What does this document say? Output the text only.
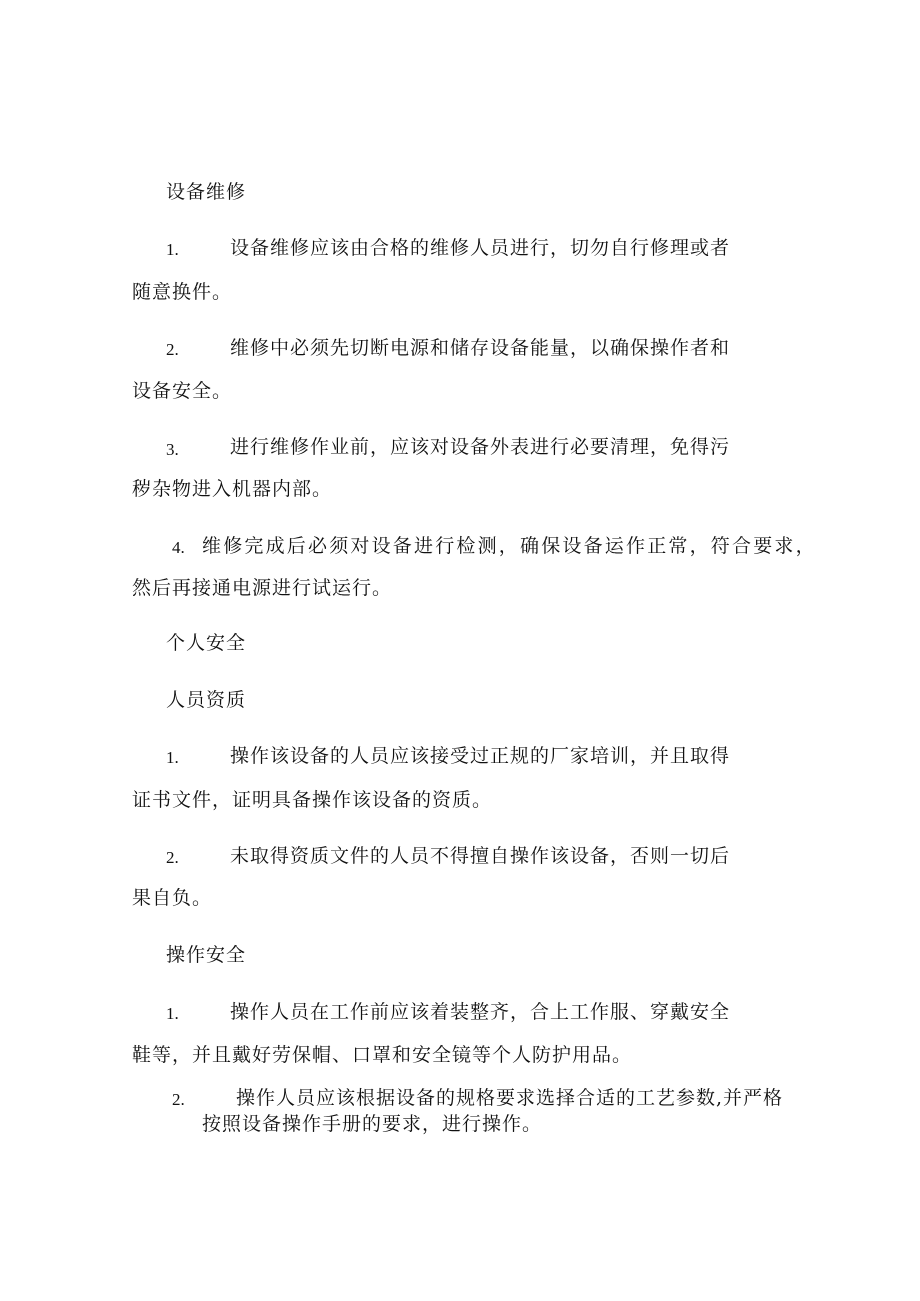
设备维修
1.	设备维修应该由合格的维修人员进行，切勿自行修理或者
随意换件。
2.	维修中必须先切断电源和储存设备能量，以确保操作者和
设备安全。
3.	进行维修作业前，应该对设备外表进行必要清理，免得污
秽杂物进入机器内部。
4. 维修完成后必须对设备进行检测，确保设备运作正常，符合要求，
然后再接通电源进行试运行。
个人安全
人员资质
1.	操作该设备的人员应该接受过正规的厂家培训，并且取得
证书文件，证明具备操作该设备的资质。
2.	未取得资质文件的人员不得擅自操作该设备，否则一切后
果自负。
操作安全
1.	操作人员在工作前应该着装整齐，合上工作服、穿戴安全
鞋等，并且戴好劳保帽、口罩和安全镜等个人防护用品。
2.	操作人员应该根据设备的规格要求选择合适的工艺参数,并严格
按照设备操作手册的要求，进行操作。
